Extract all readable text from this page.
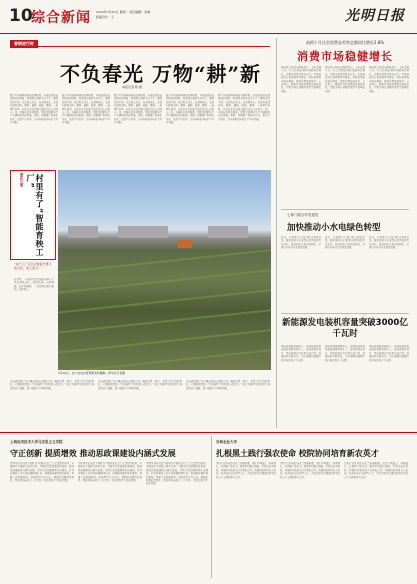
10
综合新闻 2020年3月30日 星期一 责任编辑：李晓
版面设计：王	光明日报
春耕进行时
不负春光 万物“耕”新
本报记者 陈 晨
眼下正值春耕备耕的关键时期，各地在做好疫情防控的同时，抓紧抓实春季农业生产，确保农时不误、农资供应充足。在田间地头，农民们抢抓农时，翻耕、播种、施肥、灌溉，一派繁忙景象。各地农业农村部门组织农技人员深入一线，开展技术指导服务，帮助农民解决生产中遇到的实际困难。同时，积极推广机械化作业，提高生产效率，为全年粮食丰收打下坚实基础。
眼下正值春耕备耕的关键时期，各地在做好疫情防控的同时，抓紧抓实春季农业生产，确保农时不误、农资供应充足。在田间地头，农民们抢抓农时，翻耕、播种、施肥、灌溉，一派繁忙景象。各地农业农村部门组织农技人员深入一线，开展技术指导服务，帮助农民解决生产中遇到的实际困难。同时，积极推广机械化作业，提高生产效率，为全年粮食丰收打下坚实基础。
眼下正值春耕备耕的关键时期，各地在做好疫情防控的同时，抓紧抓实春季农业生产，确保农时不误、农资供应充足。在田间地头，农民们抢抓农时，翻耕、播种、施肥、灌溉，一派繁忙景象。各地农业农村部门组织农技人员深入一线，开展技术指导服务，帮助农民解决生产中遇到的实际困难。同时，积极推广机械化作业，提高生产效率，为全年粮食丰收打下坚实基础。
眼下正值春耕备耕的关键时期，各地在做好疫情防控的同时，抓紧抓实春季农业生产，确保农时不误、农资供应充足。在田间地头，农民们抢抓农时，翻耕、播种、施肥、灌溉，一派繁忙景象。各地农业农村部门组织农技人员深入一线，开展技术指导服务，帮助农民解决生产中遇到的实际困难。同时，积极推广机械化作业，提高生产效率，为全年粮食丰收打下坚实基础。
眼下正值春耕备耕的关键时期，各地在做好疫情防控的同时，抓紧抓实春季农业生产，确保农时不误、农资供应充足。在田间地头，农民们抢抓农时，翻耕、播种、施肥、灌溉，一派繁忙景象。各地农业农村部门组织农技人员深入一线，开展技术指导服务，帮助农民解决生产中遇到的实际困难。同时，积极推广机械化作业，提高生产效率，为全年粮食丰收打下坚实基础。
壹在九零	村里有了“智能育秧工厂”
“这个工厂可以让秧苗长得又快又好，省工省力！”
在村里，一座现代化的智能育秧工厂正在紧张运转。温控系统、自动喷灌、流水线播种，一盘盘秧苗整齐排列，长势喜人。
3月29日，农户在农田里驾驶农机播种。新华社记者摄
各地还加强了农资调运和供应保障工作，确保化肥、种子、农药等农资及时到位。金融机构也加大了对春耕生产的信贷支持力度，为农户和新型农业经营主体提供资金保障，助力春耕生产顺利开展。
各地还加强了农资调运和供应保障工作，确保化肥、种子、农药等农资及时到位。金融机构也加大了对春耕生产的信贷支持力度，为农户和新型农业经营主体提供资金保障，助力春耕生产顺利开展。
各地还加强了农资调运和供应保障工作，确保化肥、种子、农药等农资及时到位。金融机构也加大了对春耕生产的信贷支持力度，为农户和新型农业经营主体提供资金保障，助力春耕生产顺利开展。
前两个月社会消费品零售总额同比增长2.8%
消费市场稳健增长
国家统计局发布数据显示，今年前两个月，社会消费品零售总额同比增长，消费市场保持稳定运行。实物商品网上零售额持续增长，居民消费需求逐步释放，服务消费加快恢复。专家表示，随着各项促消费政策落地见效，消费市场有望继续保持平稳增长态势。
国家统计局发布数据显示，今年前两个月，社会消费品零售总额同比增长，消费市场保持稳定运行。实物商品网上零售额持续增长，居民消费需求逐步释放，服务消费加快恢复。专家表示，随着各项促消费政策落地见效，消费市场有望继续保持平稳增长态势。
国家统计局发布数据显示，今年前两个月，社会消费品零售总额同比增长，消费市场保持稳定运行。实物商品网上零售额持续增长，居民消费需求逐步释放，服务消费加快恢复。专家表示，随着各项促消费政策落地见效，消费市场有望继续保持平稳增长态势。
七种门联合印发意见
加快推动小水电绿色转型
近日，水利部等七部门联合印发意见，要求推进小水电绿色改造和现代化提升，促进河流生态系统修复，实现小水电行业高质量发展。
近日，水利部等七部门联合印发意见，要求推进小水电绿色改造和现代化提升，促进河流生态系统修复，实现小水电行业高质量发展。
近日，水利部等七部门联合印发意见，要求推进小水电绿色改造和现代化提升，促进河流生态系统修复，实现小水电行业高质量发展。
新能源发电装机容量突破3000亿千瓦时
国家能源局数据显示，我国新能源发电装机规模持续扩大，发电量稳步提升，清洁能源替代作用日益凸显，能源结构不断优化，为实现碳达峰碳中和目标提供有力支撑。
国家能源局数据显示，我国新能源发电装机规模持续扩大，发电量稳步提升，清洁能源替代作用日益凸显，能源结构不断优化，为实现碳达峰碳中和目标提供有力支撑。
国家能源局数据显示，我国新能源发电装机规模持续扩大，发电量稳步提升，清洁能源替代作用日益凸显，能源结构不断优化，为实现碳达峰碳中和目标提供有力支撑。
上海应用技术大学马克思主义学院
守正创新 提质增效 推动思政课建设内涵式发展
学院坚持以习近平新时代中国特色社会主义思想为指导，全面落实立德树人根本任务，不断深化思政课改革创新，推动思政课建设内涵式发展。学院注重加强教师队伍建设，打造高素质专业化思政课教师队伍；积极推进课程体系建设，构建大思政课格局；创新教学方式方法，增强思政课的思想性、理论性和亲和力、针对性，切实提高学生的获得感。
学院坚持以习近平新时代中国特色社会主义思想为指导，全面落实立德树人根本任务，不断深化思政课改革创新，推动思政课建设内涵式发展。学院注重加强教师队伍建设，打造高素质专业化思政课教师队伍；积极推进课程体系建设，构建大思政课格局；创新教学方式方法，增强思政课的思想性、理论性和亲和力、针对性，切实提高学生的获得感。
学院坚持以习近平新时代中国特色社会主义思想为指导，全面落实立德树人根本任务，不断深化思政课改革创新，推动思政课建设内涵式发展。学院注重加强教师队伍建设，打造高素质专业化思政课教师队伍；积极推进课程体系建设，构建大思政课格局；创新教学方式方法，增强思政课的思想性、理论性和亲和力、针对性，切实提高学生的获得感。
吉林农业大学
扎根黑土践行强农使命 校院协同培育新农英才
学校立足区域经济社会发展需要，深化产教融合、科教融汇，扎根黑土地办学，服务乡村振兴战略。学校与地方政府、科研院所和涉农企业紧密合作，构建校院协同育人机制，培养知农爱农新型人才，为农业现代化建设提供坚实的人才支撑和智力支持。
学校立足区域经济社会发展需要，深化产教融合、科教融汇，扎根黑土地办学，服务乡村振兴战略。学校与地方政府、科研院所和涉农企业紧密合作，构建校院协同育人机制，培养知农爱农新型人才，为农业现代化建设提供坚实的人才支撑和智力支持。
学校立足区域经济社会发展需要，深化产教融合、科教融汇，扎根黑土地办学，服务乡村振兴战略。学校与地方政府、科研院所和涉农企业紧密合作，构建校院协同育人机制，培养知农爱农新型人才，为农业现代化建设提供坚实的人才支撑和智力支持。
